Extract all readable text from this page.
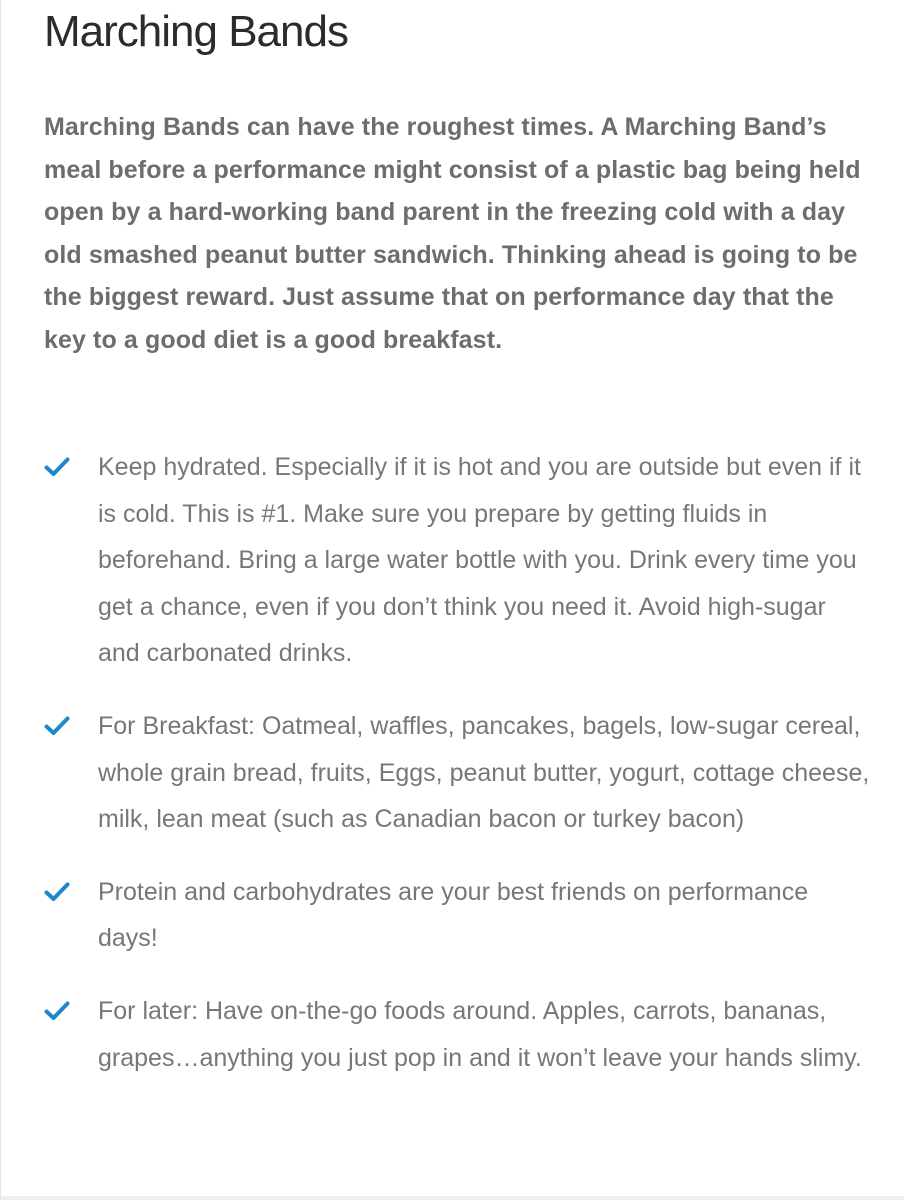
Marching Bands

Marching Bands can have the roughest times. A Marching Band’s meal before a performance might consist of a plastic bag being held open by a hard-working band parent in the freezing cold with a day old smashed peanut butter sandwich. Thinking ahead is going to be the biggest reward. Just assume that on performance day that the key to a good diet is a good breakfast.

Keep hydrated. Especially if it is hot and you are outside but even if it is cold. This is #1. Make sure you prepare by getting fluids in beforehand. Bring a large water bottle with you. Drink every time you get a chance, even if you don’t think you need it. Avoid high-sugar and carbonated drinks.
For Breakfast: Oatmeal, waffles, pancakes, bagels, low-sugar cereal, whole grain bread, fruits, Eggs, peanut butter, yogurt, cottage cheese, milk, lean meat (such as Canadian bacon or turkey bacon)
Protein and carbohydrates are your best friends on performance days!
For later: Have on-the-go foods around. Apples, carrots, bananas, grapes…anything you just pop in and it won’t leave your hands slimy.
